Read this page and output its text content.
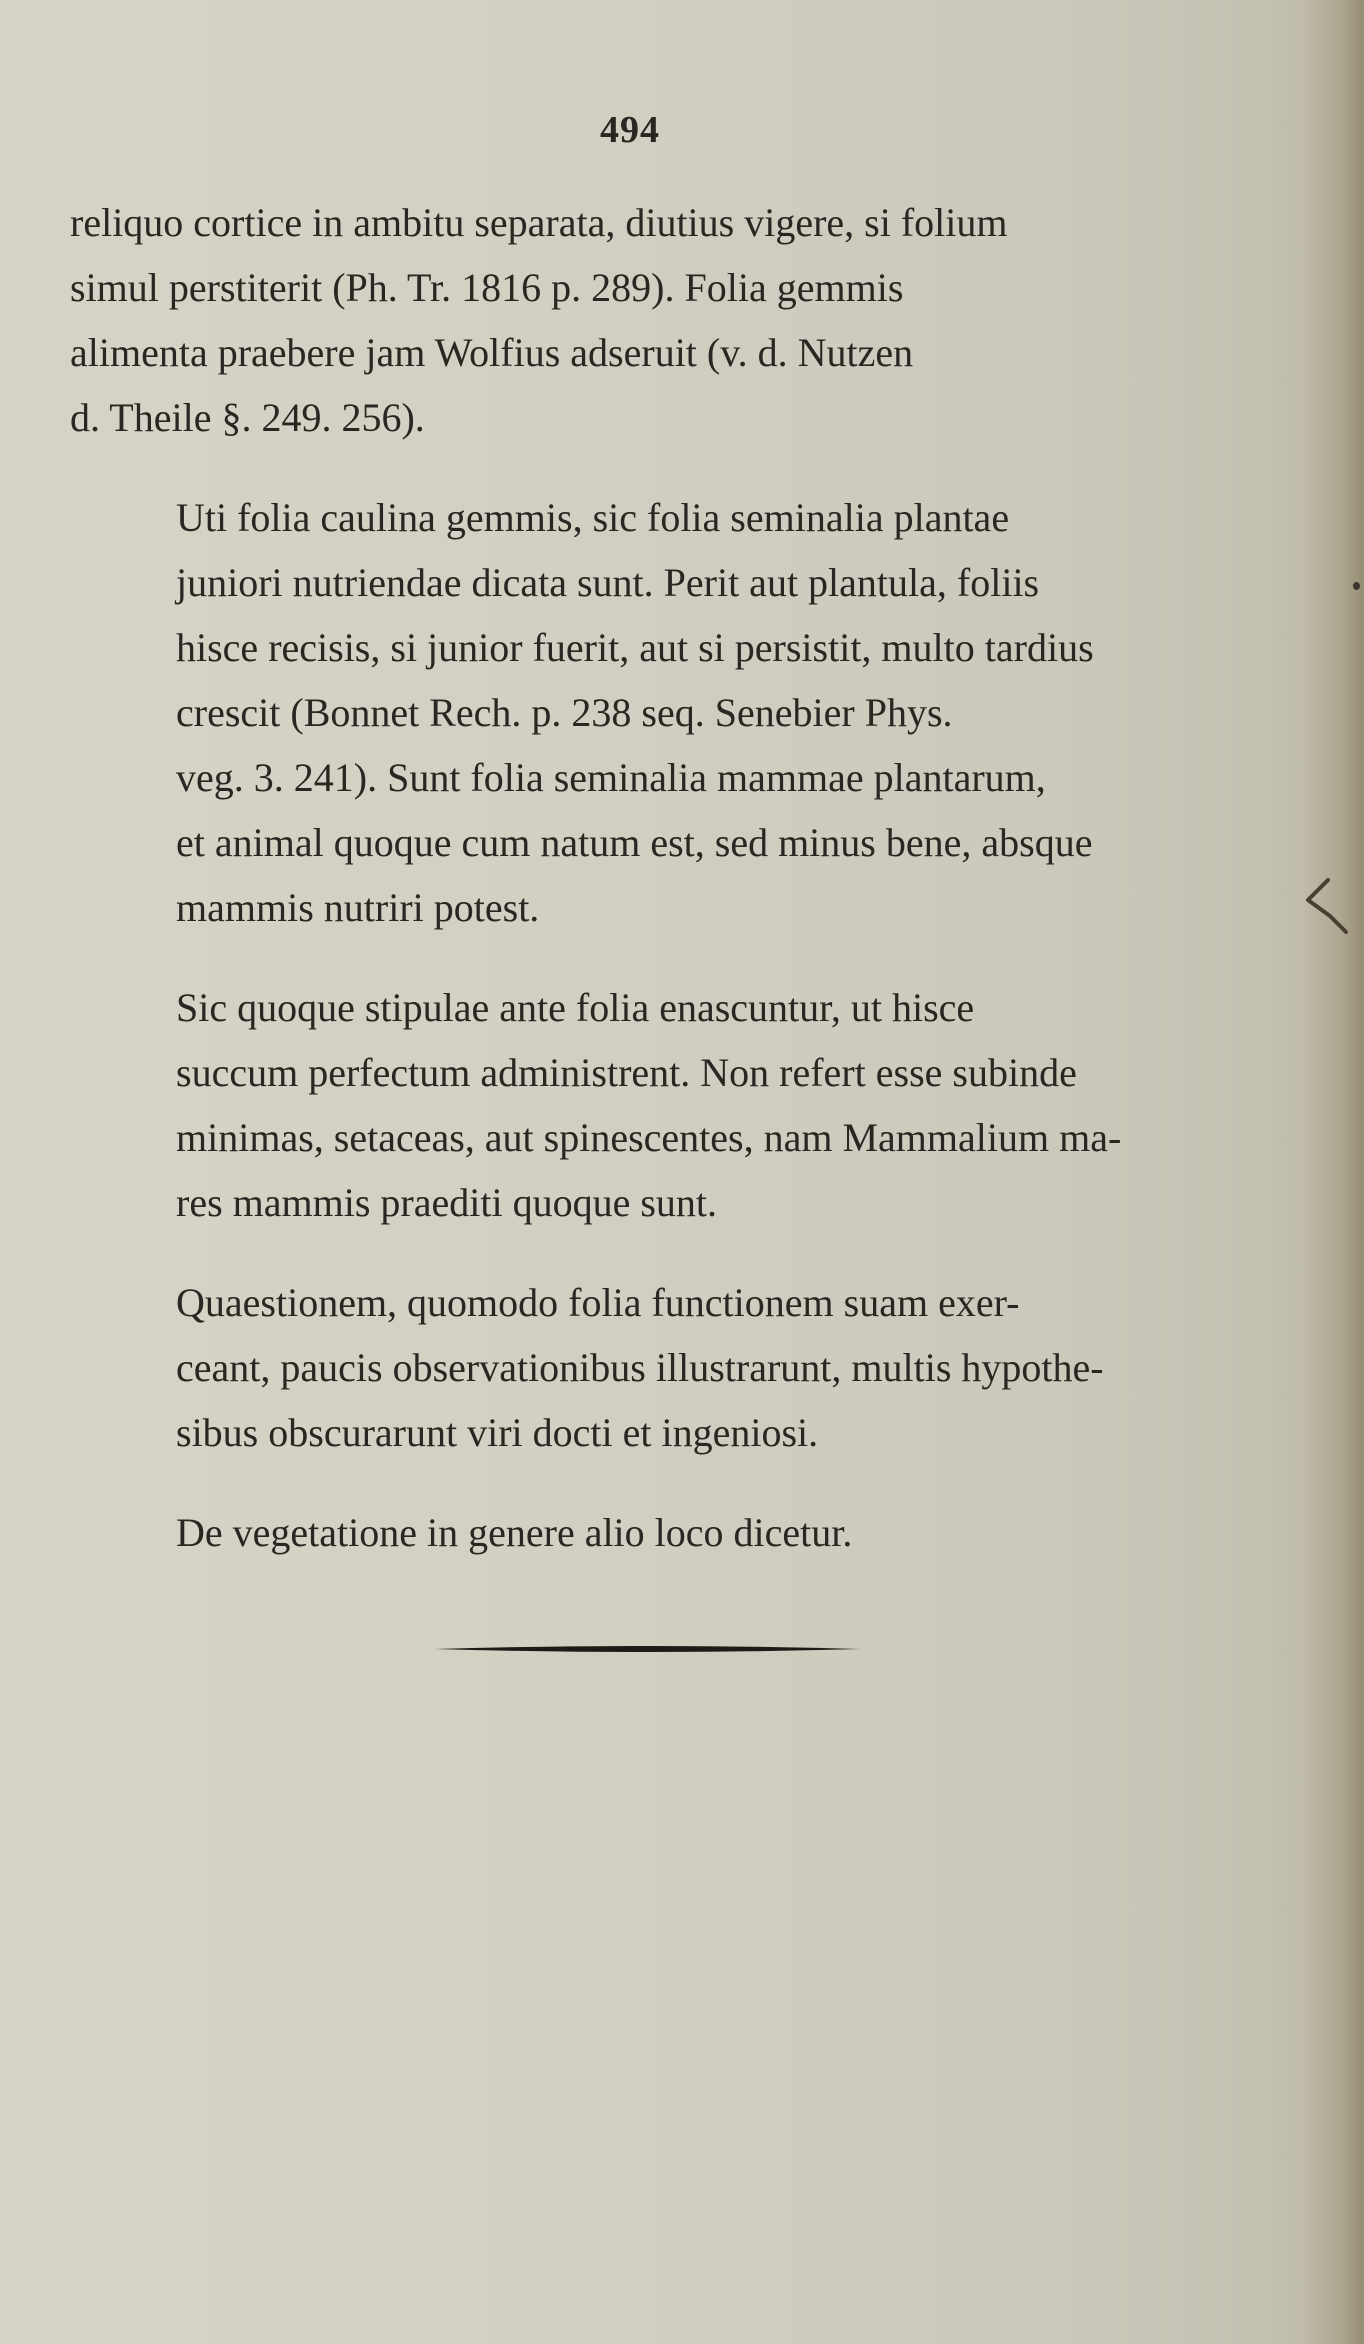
494

reliquo cortice in ambitu separata, diutius vigere, si folium
simul perstiterit (Ph. Tr. 1816 p. 289). Folia gemmis
alimenta praebere jam Wolfius adseruit (v. d. Nutzen
d. Theile §. 249. 256).

Uti folia caulina gemmis, sic folia seminalia plantae
juniori nutriendae dicata sunt. Perit aut plantula, foliis
hisce recisis, si junior fuerit, aut si persistit, multo tardius
crescit (Bonnet Rech. p. 238 seq. Senebier Phys.
veg. 3. 241). Sunt folia seminalia mammae plantarum,
et animal quoque cum natum est, sed minus bene, absque
mammis nutriri potest.

Sic quoque stipulae ante folia enascuntur, ut hisce
succum perfectum administrent. Non refert esse subinde
minimas, setaceas, aut spinescentes, nam Mammalium ma-
res mammis praediti quoque sunt.

Quaestionem, quomodo folia functionem suam exer-
ceant, paucis observationibus illustrarunt, multis hypothe-
sibus obscurarunt viri docti et ingeniosi.

De vegetatione in genere alio loco dicetur.
